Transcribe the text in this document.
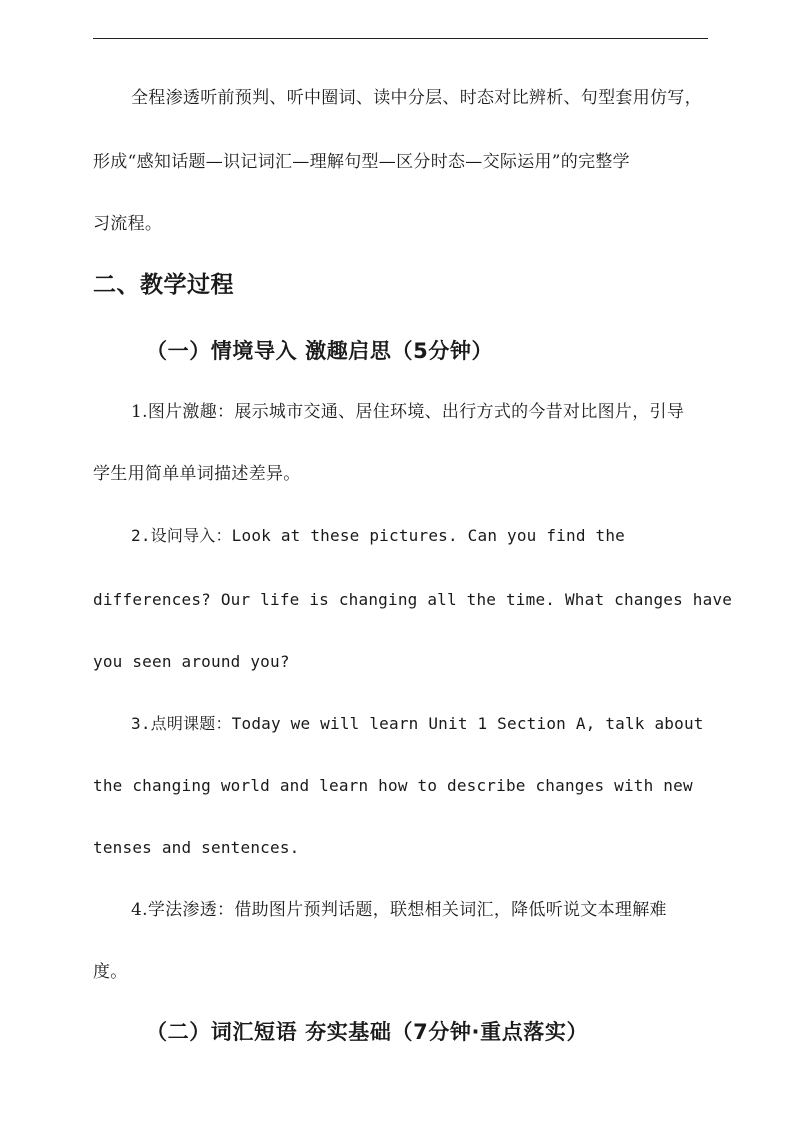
全程渗透听前预判、听中圈词、读中分层、时态对比辨析、句型套用仿写，
形成“感知话题—识记词汇—理解句型—区分时态—交际运用”的完整学
习流程。
二、教学过程
（一）情境导入 激趣启思（5分钟）
1.图片激趣：展示城市交通、居住环境、出行方式的今昔对比图片，引导
学生用简单单词描述差异。
2.设问导入：Look at these pictures. Can you find the
differences? Our life is changing all the time. What changes have
you seen around you?
3.点明课题：Today we will learn Unit 1 Section A, talk about
the changing world and learn how to describe changes with new
tenses and sentences.
4.学法渗透：借助图片预判话题，联想相关词汇，降低听说文本理解难
度。
（二）词汇短语 夯实基础（7分钟·重点落实）
